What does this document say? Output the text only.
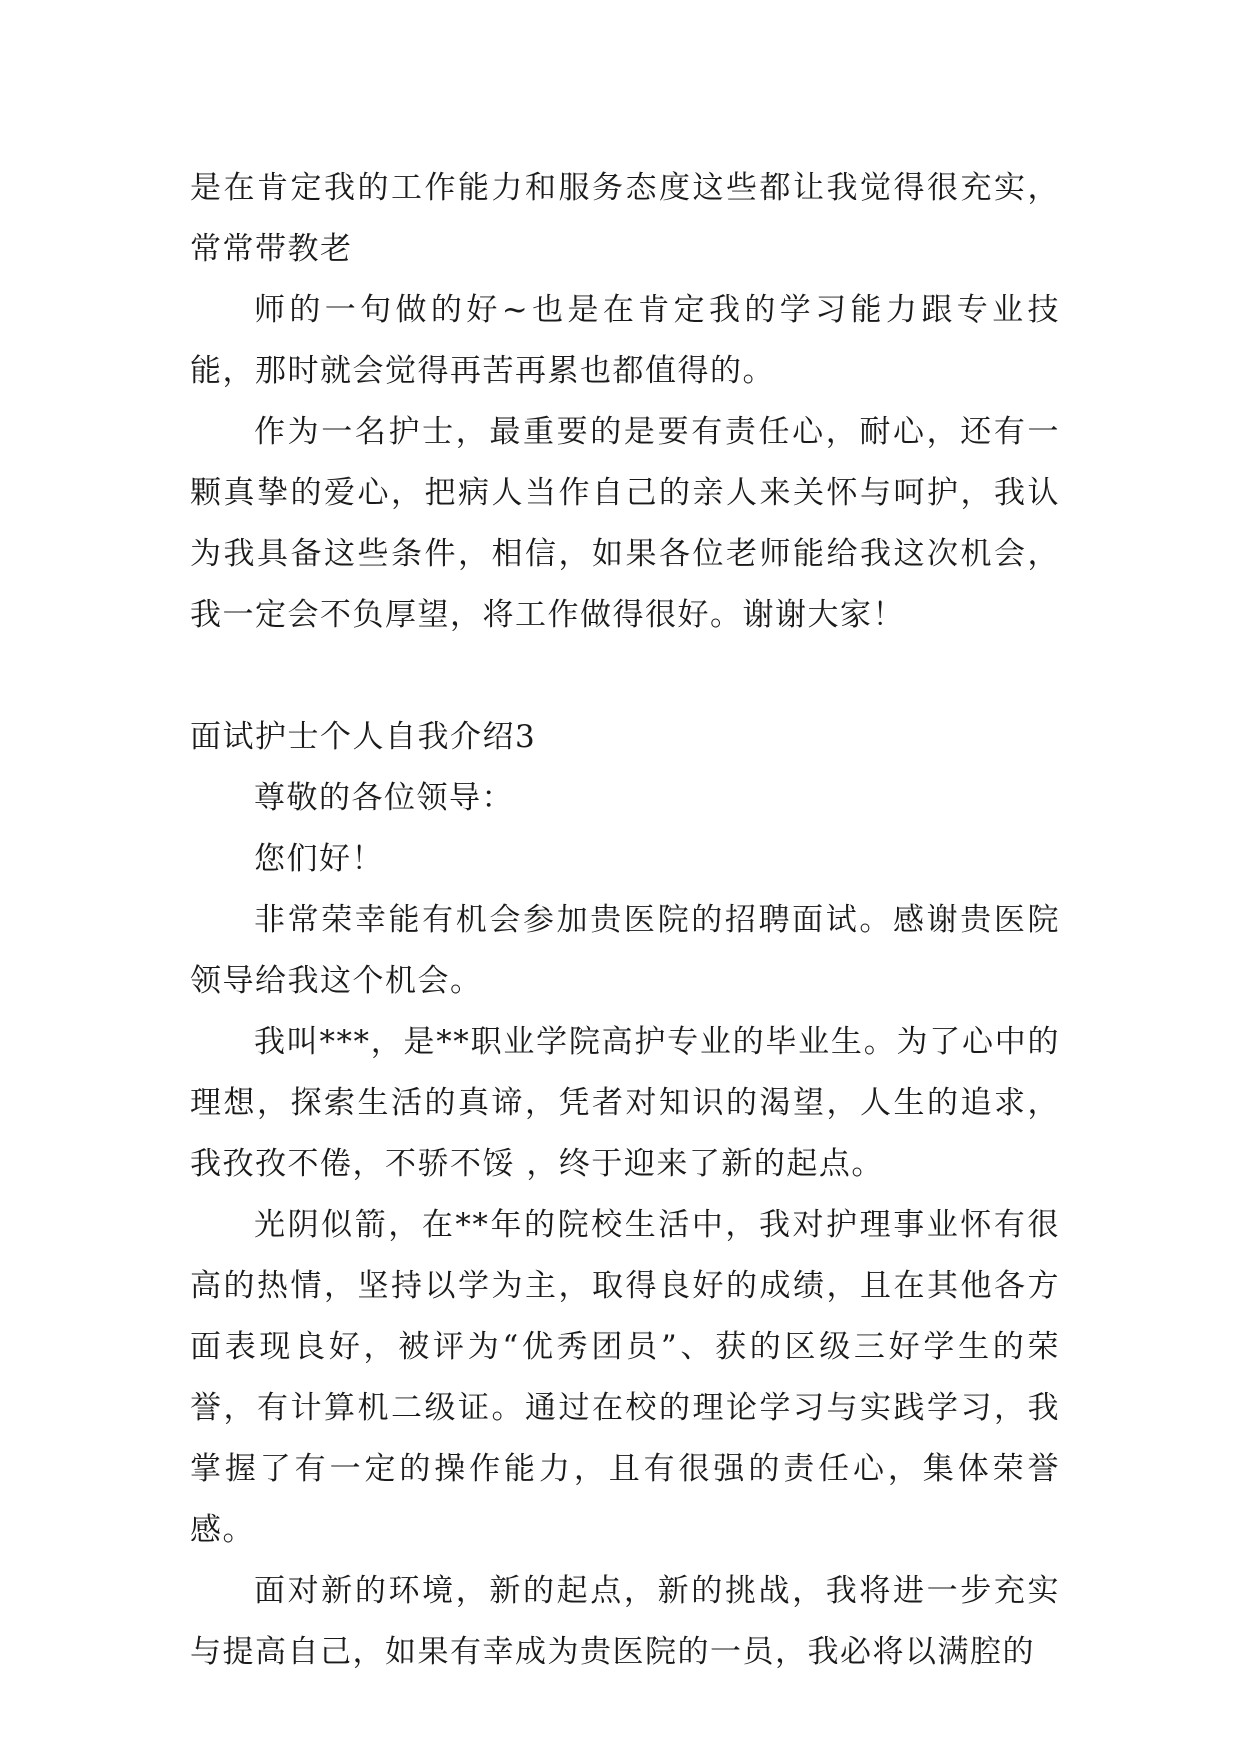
是在肯定我的工作能力和服务态度这些都让我觉得很充实，常常带教老

师的一句做的好~也是在肯定我的学习能力跟专业技能，那时就会觉得再苦再累也都值得的。

作为一名护士，最重要的是要有责任心，耐心，还有一颗真挚的爱心，把病人当作自己的亲人来关怀与呵护，我认为我具备这些条件，相信，如果各位老师能给我这次机会，我一定会不负厚望，将工作做得很好。谢谢大家！

面试护士个人自我介绍3

尊敬的各位领导：

您们好！

非常荣幸能有机会参加贵医院的招聘面试。感谢贵医院领导给我这个机会。

我叫***，是**职业学院高护专业的毕业生。为了心中的理想，探索生活的真谛，凭者对知识的渴望，人生的追求，我孜孜不倦，不骄不馁 ，终于迎来了新的起点。

光阴似箭，在**年的院校生活中，我对护理事业怀有很高的热情，坚持以学为主，取得良好的成绩，且在其他各方面表现良好，被评为“优秀团员”、获的区级三好学生的荣誉，有计算机二级证。通过在校的理论学习与实践学习，我掌握了有一定的操作能力，且有很强的责任心，集体荣誉感。

面对新的环境，新的起点，新的挑战，我将进一步充实与提高自己，如果有幸成为贵医院的一员，我必将以满腔的
